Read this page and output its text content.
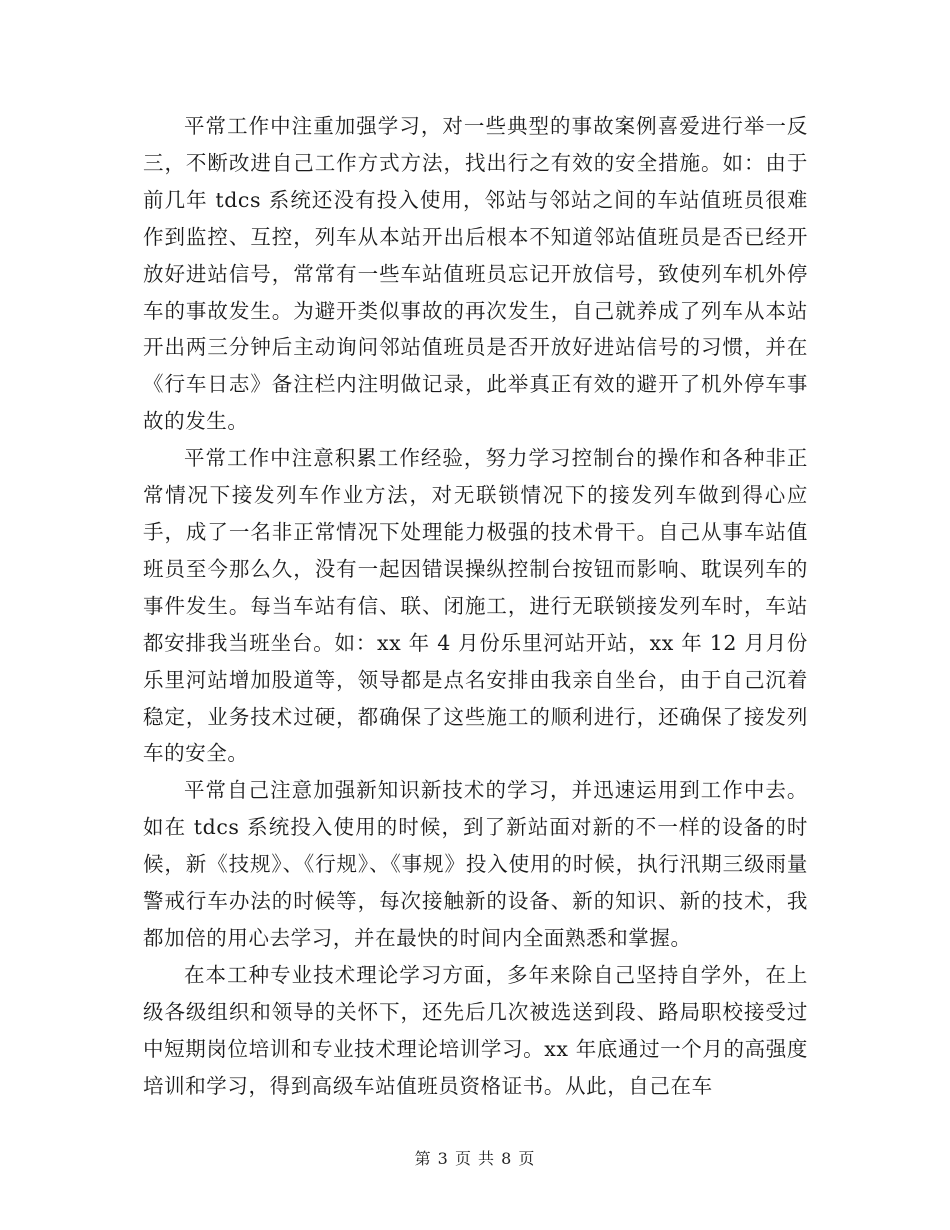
平常工作中注重加强学习，对一些典型的事故案例喜爱进行举一反三，不断改进自己工作方式方法，找出行之有效的安全措施。如：由于前几年 tdcs 系统还没有投入使用，邻站与邻站之间的车站值班员很难作到监控、互控，列车从本站开出后根本不知道邻站值班员是否已经开放好进站信号，常常有一些车站值班员忘记开放信号，致使列车机外停车的事故发生。为避开类似事故的再次发生，自己就养成了列车从本站开出两三分钟后主动询问邻站值班员是否开放好进站信号的习惯，并在《行车日志》备注栏内注明做记录，此举真正有效的避开了机外停车事故的发生。

平常工作中注意积累工作经验，努力学习控制台的操作和各种非正常情况下接发列车作业方法，对无联锁情况下的接发列车做到得心应手，成了一名非正常情况下处理能力极强的技术骨干。自己从事车站值班员至今那么久，没有一起因错误操纵控制台按钮而影响、耽误列车的事件发生。每当车站有信、联、闭施工，进行无联锁接发列车时，车站都安排我当班坐台。如：xx 年 4 月份乐里河站开站，xx 年 12 月月份乐里河站增加股道等，领导都是点名安排由我亲自坐台，由于自己沉着稳定，业务技术过硬，都确保了这些施工的顺利进行，还确保了接发列车的安全。

平常自己注意加强新知识新技术的学习，并迅速运用到工作中去。如在 tdcs 系统投入使用的时候，到了新站面对新的不一样的设备的时候，新《技规》、《行规》、《事规》投入使用的时候，执行汛期三级雨量警戒行车办法的时候等，每次接触新的设备、新的知识、新的技术，我都加倍的用心去学习，并在最快的时间内全面熟悉和掌握。

在本工种专业技术理论学习方面，多年来除自己坚持自学外，在上级各级组织和领导的关怀下，还先后几次被选送到段、路局职校接受过中短期岗位培训和专业技术理论培训学习。xx 年底通过一个月的高强度培训和学习，得到高级车站值班员资格证书。从此，自己在车

第 3 页 共 8 页
